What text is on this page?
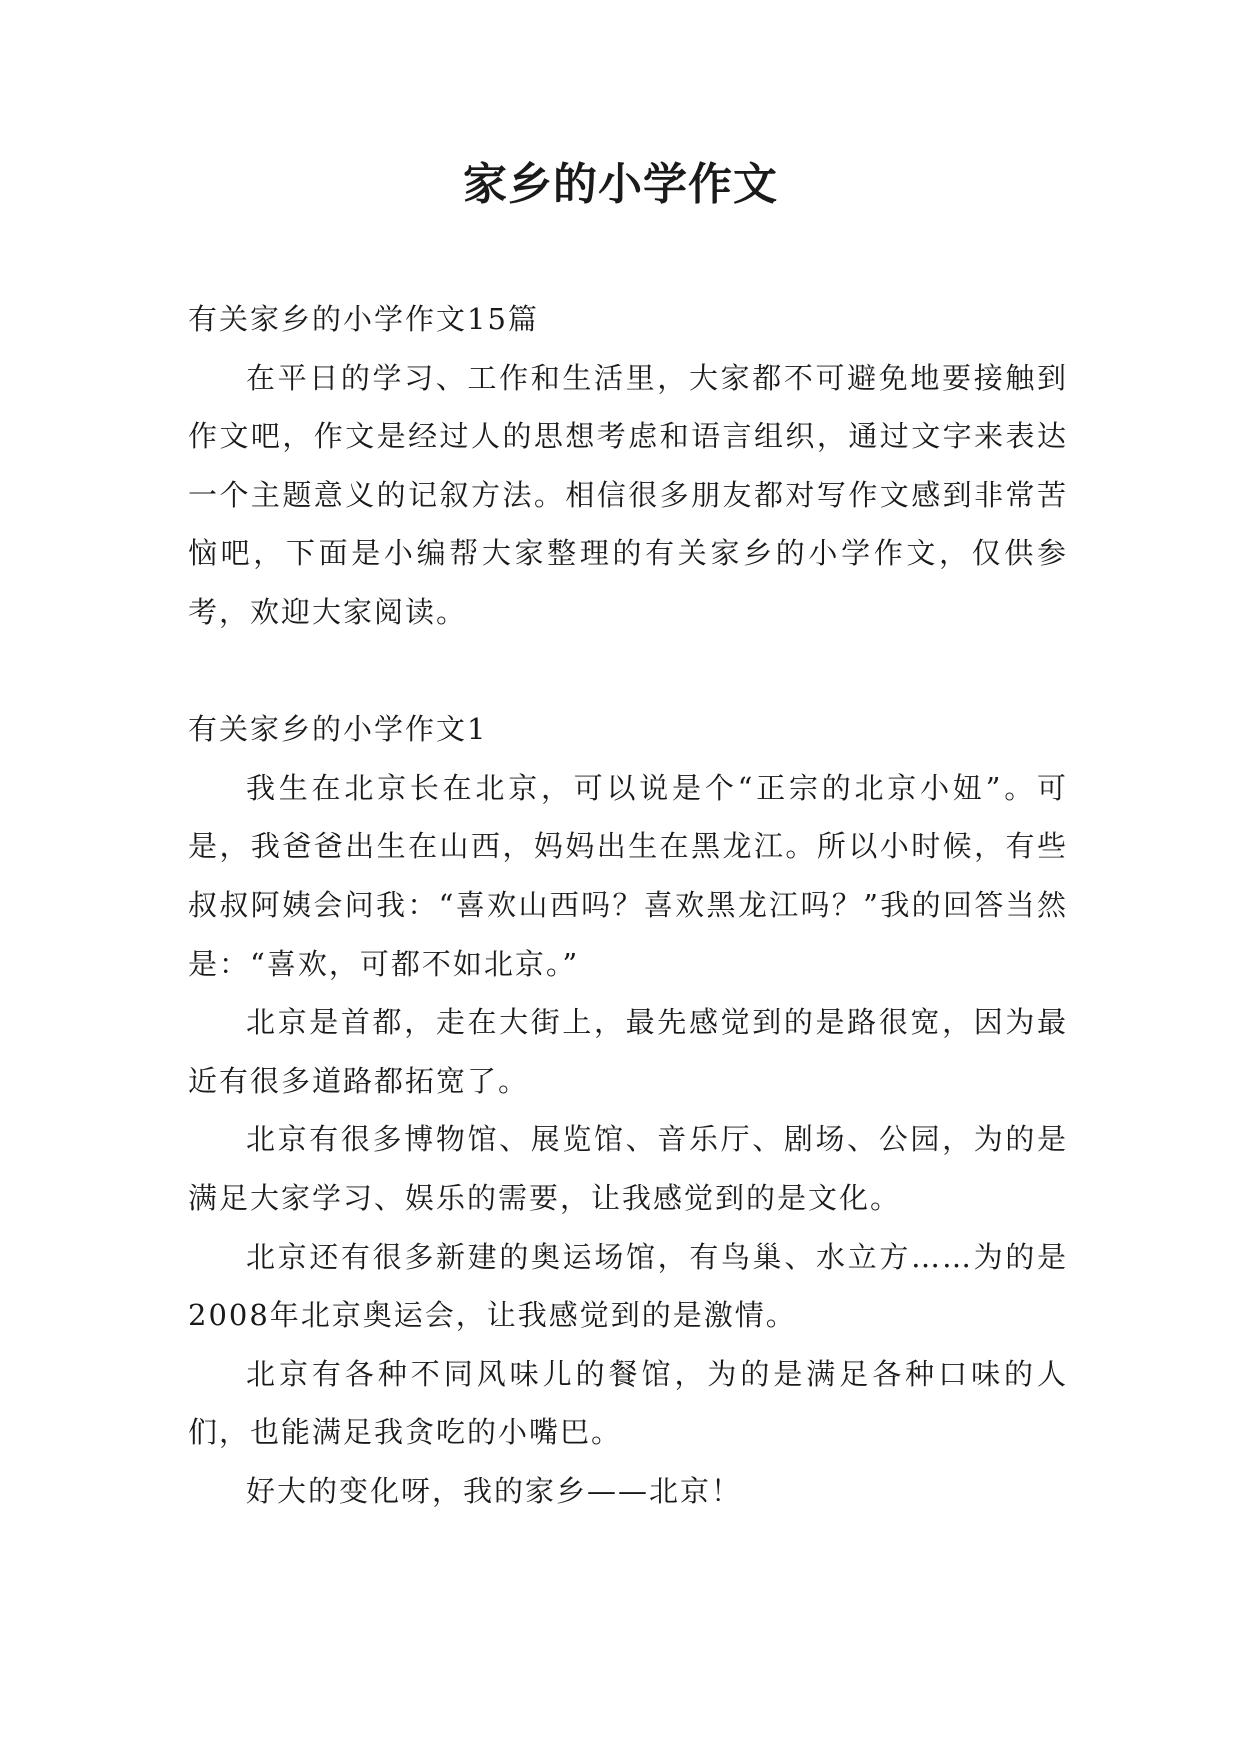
家乡的小学作文

有关家乡的小学作文15篇

在平日的学习、工作和生活里，大家都不可避免地要接触到作文吧，作文是经过人的思想考虑和语言组织，通过文字来表达一个主题意义的记叙方法。相信很多朋友都对写作文感到非常苦恼吧，下面是小编帮大家整理的有关家乡的小学作文，仅供参考，欢迎大家阅读。

有关家乡的小学作文1

我生在北京长在北京，可以说是个“正宗的北京小妞”。可是，我爸爸出生在山西，妈妈出生在黑龙江。所以小时候，有些叔叔阿姨会问我：“喜欢山西吗？喜欢黑龙江吗？”我的回答当然是：“喜欢，可都不如北京。”

北京是首都，走在大街上，最先感觉到的是路很宽，因为最近有很多道路都拓宽了。

北京有很多博物馆、展览馆、音乐厅、剧场、公园，为的是满足大家学习、娱乐的需要，让我感觉到的是文化。

北京还有很多新建的奥运场馆，有鸟巢、水立方……为的是2008年北京奥运会，让我感觉到的是激情。

北京有各种不同风味儿的餐馆，为的是满足各种口味的人们，也能满足我贪吃的小嘴巴。

好大的变化呀，我的家乡——北京！
